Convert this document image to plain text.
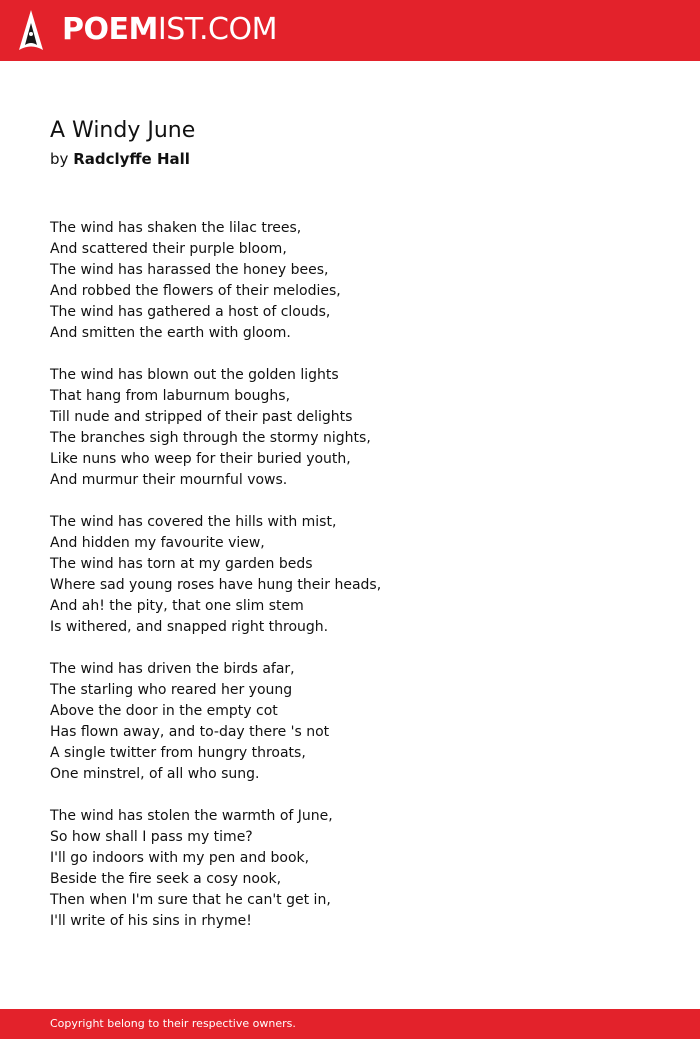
POEMIST.COM
A Windy June
by Radclyffe Hall
The wind has shaken the lilac trees,
And scattered their purple bloom,
The wind has harassed the honey bees,
And robbed the flowers of their melodies,
The wind has gathered a host of clouds,
And smitten the earth with gloom.
The wind has blown out the golden lights
That hang from laburnum boughs,
Till nude and stripped of their past delights
The branches sigh through the stormy nights,
Like nuns who weep for their buried youth,
And murmur their mournful vows.
The wind has covered the hills with mist,
And hidden my favourite view,
The wind has torn at my garden beds
Where sad young roses have hung their heads,
And ah! the pity, that one slim stem
Is withered, and snapped right through.
The wind has driven the birds afar,
The starling who reared her young
Above the door in the empty cot
Has flown away, and to-day there 's not
A single twitter from hungry throats,
One minstrel, of all who sung.
The wind has stolen the warmth of June,
So how shall I pass my time?
I'll go indoors with my pen and book,
Beside the fire seek a cosy nook,
Then when I'm sure that he can't get in,
I'll write of his sins in rhyme!
Copyright belong to their respective owners.
